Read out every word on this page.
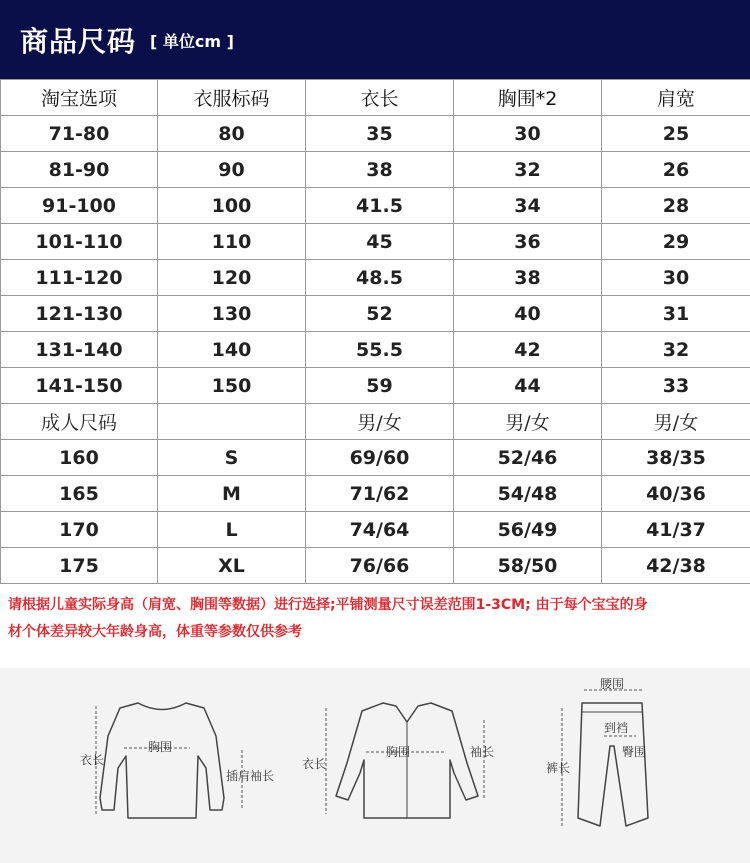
商品尺码 [ 单位cm ]
淘宝选项	衣服标码	衣长	胸围*2	肩宽
71-80	80	35	30	25
81-90	90	38	32	26
91-100	100	41.5	34	28
101-110	110	45	36	29
111-120	120	48.5	38	30
121-130	130	52	40	31
131-140	140	55.5	42	32
141-150	150	59	44	33
成人尺码		男/女	男/女	男/女
160	S	69/60	52/46	38/35
165	M	71/62	54/48	40/36
170	L	74/64	56/49	41/37
175	XL	76/66	58/50	42/38
请根据儿童实际身高（肩宽、胸围等数据）进行选择;平铺测量尺寸误差范围1-3CM; 由于每个宝宝的身
材个体差异较大年龄身高，体重等参数仅供参考
衣长
胸围
插肩袖长
衣长
胸围	袖长
腰围
到裆
臀围
裤长
